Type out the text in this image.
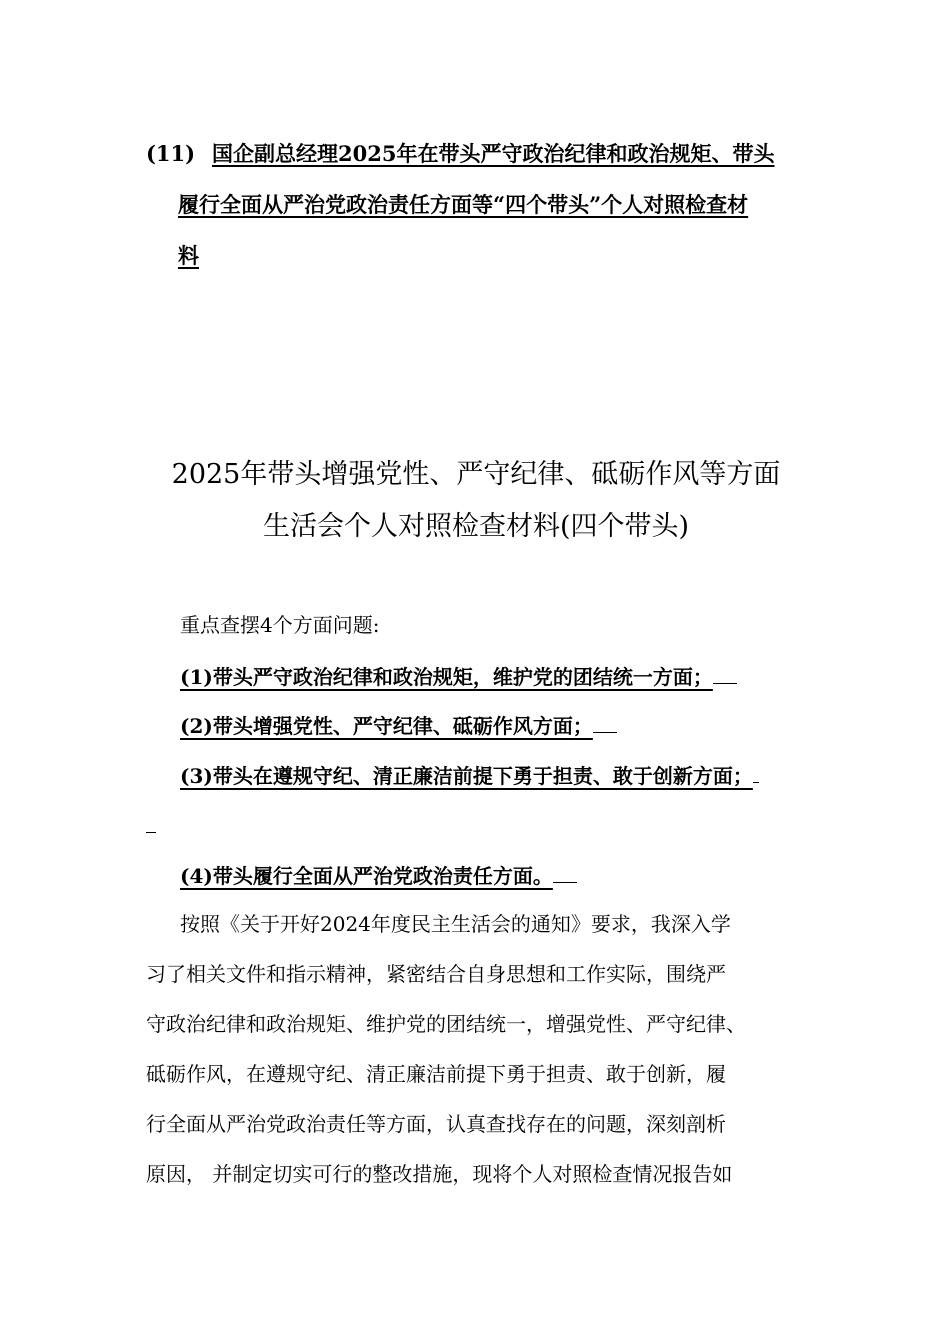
(11) 国企副总经理2025年在带头严守政治纪律和政治规矩、带头
履行全面从严治党政治责任方面等“四个带头”个人对照检查材
料
2025年带头增强党性、严守纪律、砥砺作风等方面
生活会个人对照检查材料(四个带头)
重点查摆4个方面问题:
(1)带头严守政治纪律和政治规矩，维护党的团结统一方面；
(2)带头增强党性、严守纪律、砥砺作风方面；
(3)带头在遵规守纪、清正廉洁前提下勇于担责、敢于创新方面；
(4)带头履行全面从严治党政治责任方面。
按照《关于开好2024年度民主生活会的通知》要求，我深入学
习了相关文件和指示精神，紧密结合自身思想和工作实际，围绕严
守政治纪律和政治规矩、维护党的团结统一，增强党性、严守纪律、
砥砺作风，在遵规守纪、清正廉洁前提下勇于担责、敢于创新，履
行全面从严治党政治责任等方面，认真查找存在的问题，深刻剖析
原因， 并制定切实可行的整改措施，现将个人对照检查情况报告如
